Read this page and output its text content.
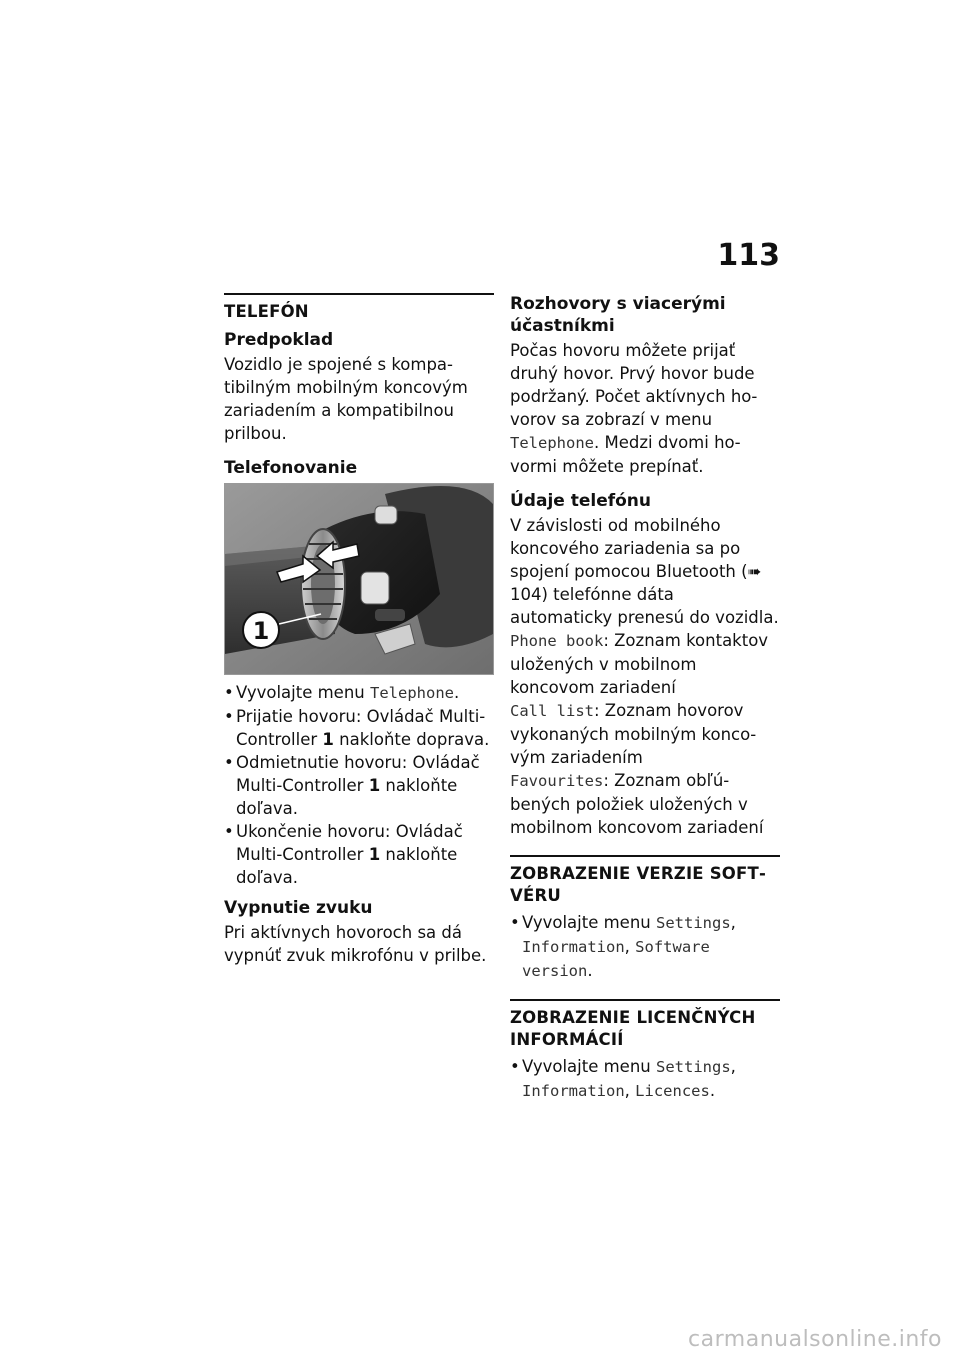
113
TELEFÓN
Predpoklad

Vozidlo je spojené s kompatibilným mobilným koncovým zariadením a kompatibilnou prilbou.

Telefonovanie
1
• Vyvolajte menu Telephone.
• Prijatie hovoru: Ovládač Multi-Controller 1 nakloňte doprava.
• Odmietnutie hovoru: Ovládač Multi-Controller 1 nakloňte doľava.
• Ukončenie hovoru: Ovládač Multi-Controller 1 nakloňte doľava.
Vypnutie zvuku

Pri aktívnych hovoroch sa dá vypnúť zvuk mikrofónu v prilbe.

Rozhovory s viacerými účastníkmi

Počas hovoru môžete prijať druhý hovor. Prvý hovor bude podržaný. Počet aktívnych hovorov sa zobrazí v menu Telephone. Medzi dvomi hovormi môžete prepínať.

Údaje telefónu

V závislosti od mobilného koncového zariadenia sa po spojení pomocou Bluetooth (➠ 104) telefónne dáta automaticky prenesú do vozidla.

Phone book: Zoznam kontaktov uložených v mobilnom koncovom zariadení

Call list: Zoznam hovorov vykonaných mobilným koncovým zariadením

Favourites: Zoznam obľúbených položiek uložených v mobilnom koncovom zariadení

ZOBRAZENIE VERZIE SOFTVÉRU
• Vyvolajte menu Settings, Information, Software version.
ZOBRAZENIE LICENČNÝCH INFORMÁCIÍ
• Vyvolajte menu Settings, Information, Licences.
carmanualsonline.info
